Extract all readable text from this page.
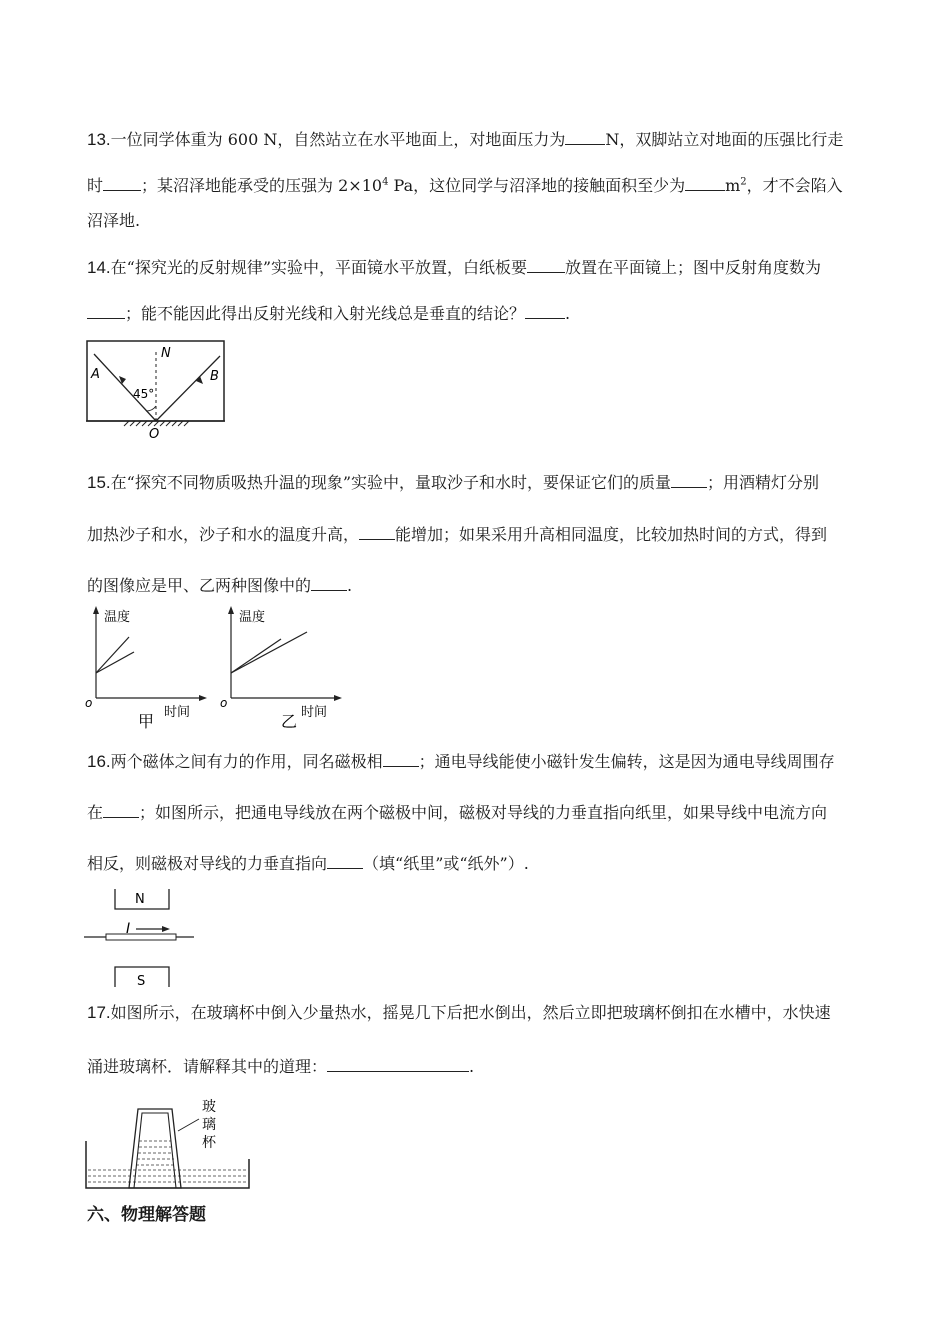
13.一位同学体重为 600 N，自然站立在水平地面上，对地面压力为	N，双脚站立对地面的压强比行走
时 ；某沼泽地能承受的压强为 $2\times 10^4$ Pa，这位同学与沼泽地的接触面积至少为	$m^2$，才不会陷入
沼泽地.
14.在“探究光的反射规律”实验中，平面镜水平放置，白纸板要 放置在平面镜上；图中反射角度数为
；能不能因此得出反射光线和入射光线总是垂直的结论？	.
A	B
N
45°
O
15.在“探究不同物质吸热升温的现象”实验中，量取沙子和水时，要保证它们的质量 ；用酒精灯分别
加热沙子和水，沙子和水的温度升高， 能增加；如果采用升高相同温度，比较加热时间的方式，得到
的图像应是甲、乙两种图像中的 .
温度
时间
o
甲
温度
时间
o
乙
16.两个磁体之间有力的作用，同名磁极相 ；通电导线能使小磁针发生偏转，这是因为通电导线周围存
在 ；如图所示，把通电导线放在两个磁极中间，磁极对导线的力垂直指向纸里，如果导线中电流方向
相反，则磁极对导线的力垂直指向 （填“纸里”或“纸外”）.
N
I
S
17.如图所示，在玻璃杯中倒入少量热水，摇晃几下后把水倒出，然后立即把玻璃杯倒扣在水槽中，水快速
涌进玻璃杯．请解释其中的道理：	.
玻
璃
杯
六、物理解答题
